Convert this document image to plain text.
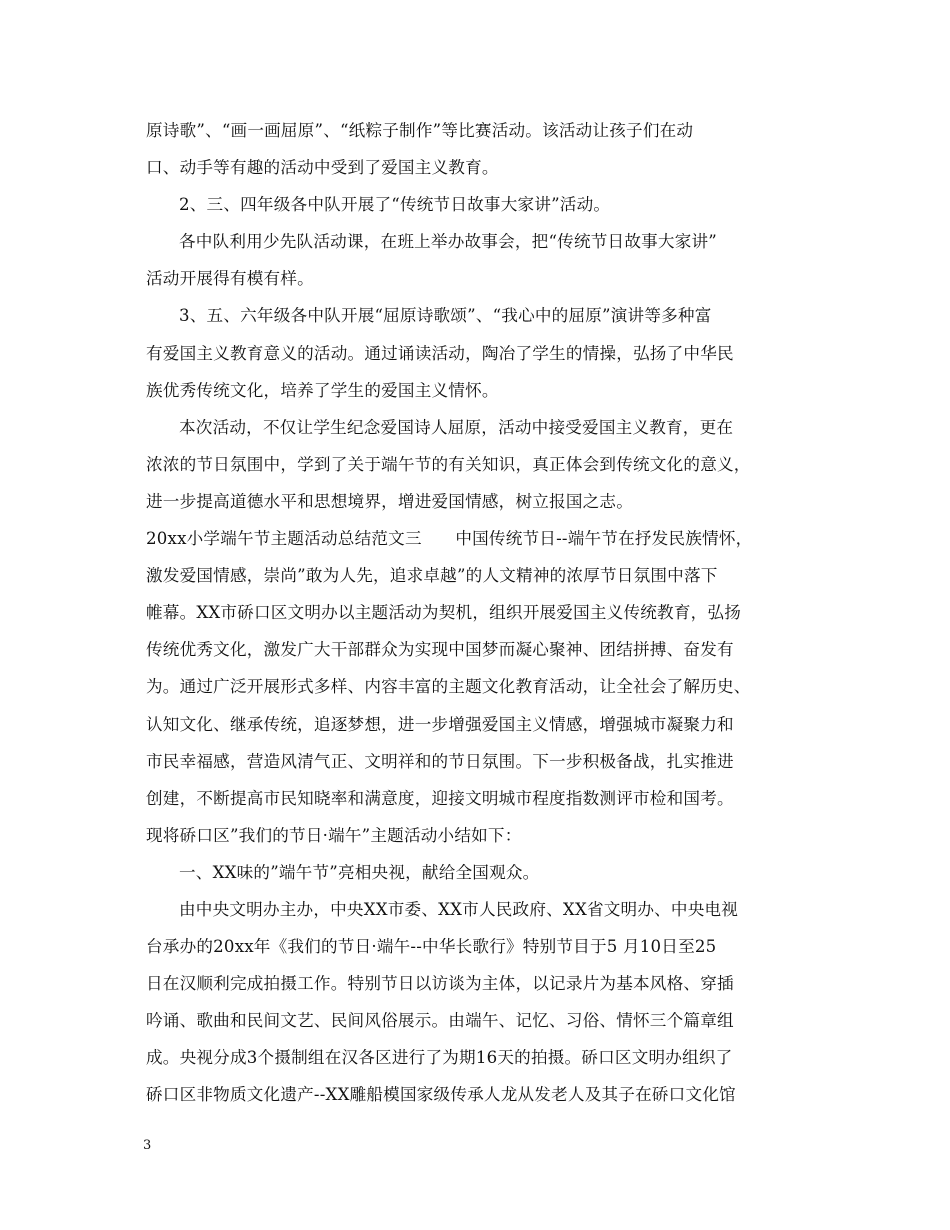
原诗歌”、“画一画屈原”、“纸粽子制作”等比赛活动。该活动让孩子们在动
口、动手等有趣的活动中受到了爱国主义教育。
2、三、四年级各中队开展了“传统节日故事大家讲”活动。
各中队利用少先队活动课，在班上举办故事会，把“传统节日故事大家讲”
活动开展得有模有样。
3、五、六年级各中队开展“屈原诗歌颂”、“我心中的屈原”演讲等多种富
有爱国主义教育意义的活动。通过诵读活动，陶冶了学生的情操，弘扬了中华民
族优秀传统文化，培养了学生的爱国主义情怀。
本次活动，不仅让学生纪念爱国诗人屈原，活动中接受爱国主义教育，更在
浓浓的节日氛围中，学到了关于端午节的有关知识，真正体会到传统文化的意义，
进一步提高道德水平和思想境界，增进爱国情感，树立报国之志。
20xx小学端午节主题活动总结范文三　　中国传统节日--端午节在抒发民族情怀，
激发爱国情感，崇尚”敢为人先，追求卓越”的人文精神的浓厚节日氛围中落下
帷幕。XX市硚口区文明办以主题活动为契机，组织开展爱国主义传统教育，弘扬
传统优秀文化，激发广大干部群众为实现中国梦而凝心聚神、团结拼搏、奋发有
为。通过广泛开展形式多样、内容丰富的主题文化教育活动，让全社会了解历史、
认知文化、继承传统，追逐梦想，进一步增强爱国主义情感，增强城市凝聚力和
市民幸福感，营造风清气正、文明祥和的节日氛围。下一步积极备战，扎实推进
创建，不断提高市民知晓率和满意度，迎接文明城市程度指数测评市检和国考。
现将硚口区”我们的节日·端午”主题活动小结如下：
一、XX味的”端午节”亮相央视，献给全国观众。
由中央文明办主办，中央XX市委、XX市人民政府、XX省文明办、中央电视
台承办的20xx年《我们的节日·端午--中华长歌行》特别节目于5 月10日至25
日在汉顺利完成拍摄工作。特别节日以访谈为主体，以记录片为基本风格、穿插
吟诵、歌曲和民间文艺、民间风俗展示。由端午、记忆、习俗、情怀三个篇章组
成。央视分成3个摄制组在汉各区进行了为期16天的拍摄。硚口区文明办组织了
硚口区非物质文化遗产--XX雕船模国家级传承人龙从发老人及其子在硚口文化馆
3
